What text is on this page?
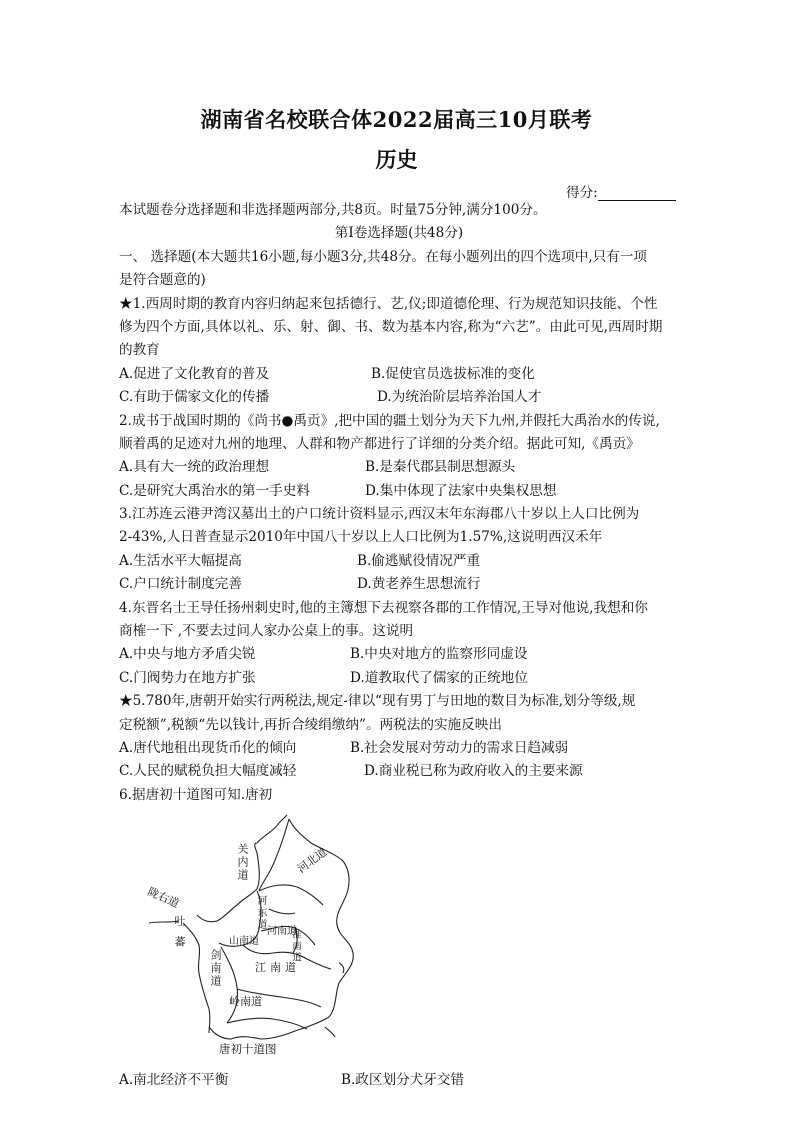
湖南省名校联合体2022届高三10月联考
历史
得分:
本试题卷分选择题和非选择题两部分,共8页。时量75分钟,满分100分。
第I卷选择题(共48分)
一、 选择题(本大题共16小题,每小题3分,共48分。在每小题列出的四个选项中,只有一项
是符合题意的)
★1.西周时期的教育内容归纳起来包括德行、艺,仪;即道德伦理、行为规范知识技能、个性
修为四个方面,具体以礼、乐、射、御、书、数为基本内容,称为“六艺”。由此可见,西周时期
的教育
A.促进了文化教育的普及	B.促使官员选拔标准的变化
C.有助于儒家文化的传播	D.为统治阶层培养治国人才
2.成书于战国时期的《尚书●禹贡》,把中国的疆土划分为天下九州,并假托大禹治水的传说,
顺着禹的足迹对九州的地理、人群和物产都进行了详细的分类介绍。据此可知,《禹贡》
A.具有大一统的政治理想	B.是秦代郡县制思想源头
C.是研究大禹治水的第一手史料	D.集中体现了法家中央集权思想
3.江苏连云港尹湾汉墓出土的户口统计资料显示,西汉末年东海郡八十岁以上人口比例为
2-43%,人日普查显示2010年中国八十岁以上人口比例为1.57%,这说明西汉禾年
A.生活水平大幅提高	B.偷逃赋役情况严重
C.户口统计制度完善	D.黄老养生思想流行
4.东晋名士王导任扬州刺史时,他的主簿想下去视察各郡的工作情况,王导对他说,我想和你
商榷一下 ,不要去过问人家办公桌上的事。这说明
A.中央与地方矛盾尖锐	B.中央对地方的监察形同虚设
C.门阀势力在地方扩张	D.道教取代了儒家的正统地位
★5.780年,唐朝开始实行两税法,规定-律以“现有男丁与田地的数目为标准,划分等级,规
定税额”,税额“先以钱计,再折合绫绢缴纳”。两税法的实施反映出
A.唐代地租出现货币化的倾向	B.社会发展对劳动力的需求日趋减弱
C.人民的赋税负担大幅度减轻	D.商业税已称为政府收入的主要来源
6.据唐初十道图可知.唐初
关内道
陇右道
河北道
河东道
河南道
淮南道
山南道
剑南道	江南道
岭南道
吐蕃
唐初十道图
A.南北经济不平衡	B.政区划分犬牙交错
